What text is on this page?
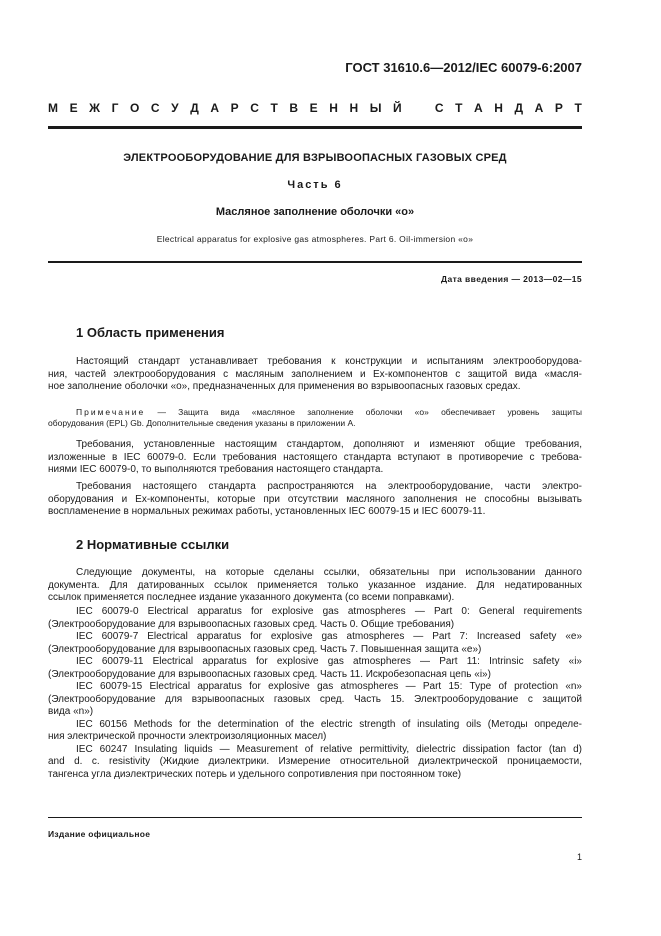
ГОСТ 31610.6—2012/IEC 60079-6:2007
М Е Ж Г О С У Д А Р С Т В Е Н Н Ы Й	С Т А Н Д А Р Т
ЭЛЕКТРООБОРУДОВАНИЕ ДЛЯ ВЗРЫВООПАСНЫХ ГАЗОВЫХ СРЕД
Часть 6
Масляное заполнение оболочки «о»
Electrical apparatus for explosive gas atmospheres. Part 6. Oil-immersion «o»
Дата введения — 2013—02—15
1 Область применения
Настоящий стандарт устанавливает требования к конструкции и испытаниям электрооборудова-
ния, частей электрооборудования с масляным заполнением и Ex-компонентов с защитой вида «масля-
ное заполнение оболочки «о», предназначенных для применения во взрывоопасных газовых средах.
Примечание — Защита вида «масляное заполнение оболочки «о» обеспечивает уровень защиты
оборудования (EPL) Gb. Дополнительные сведения указаны в приложении А.
Требования, установленные настоящим стандартом, дополняют и изменяют общие требования,
изложенные в IEC 60079-0. Если требования настоящего стандарта вступают в противоречие с требова-
ниями IEC 60079-0, то выполняются требования настоящего стандарта.
Требования настоящего стандарта распространяются на электрооборудование, части электро-
оборудования и Ex-компоненты, которые при отсутствии масляного заполнения не способны вызывать
воспламенение в нормальных режимах работы, установленных IEC 60079-15 и IEC 60079-11.
2 Нормативные ссылки
Следующие документы, на которые сделаны ссылки, обязательны при использовании данного
документа. Для датированных ссылок применяется только указанное издание. Для недатированных
ссылок применяется последнее издание указанного документа (со всеми поправками).
IEC 60079-0 Electrical apparatus for explosive gas atmospheres — Part 0: General requirements
(Электрооборудование для взрывоопасных газовых сред. Часть 0. Общие требования)
IEC 60079-7 Electrical apparatus for explosive gas atmospheres — Part 7: Increased safety «e»
(Электрооборудование для взрывоопасных газовых сред. Часть 7. Повышенная защита «e»)
IEC 60079-11 Electrical apparatus for explosive gas atmospheres — Part 11: Intrinsic safety «i»
(Электрооборудование для взрывоопасных газовых сред. Часть 11. Искробезопасная цепь «i»)
IEC 60079-15 Electrical apparatus for explosive gas atmospheres — Part 15: Type of protection «n»
(Электрооборудование для взрывоопасных газовых сред. Часть 15. Электрооборудование с защитой
вида «n»)
IEC 60156 Methods for the determination of the electric strength of insulating oils (Методы определе-
ния электрической прочности электроизоляционных масел)
IEC 60247 Insulating liquids — Measurement of relative permittivity, dielectric dissipation factor (tan d)
and d. c. resistivity (Жидкие диэлектрики. Измерение относительной диэлектрической проницаемости,
тангенса угла диэлектрических потерь и удельного сопротивления при постоянном токе)
Издание официальное
1
